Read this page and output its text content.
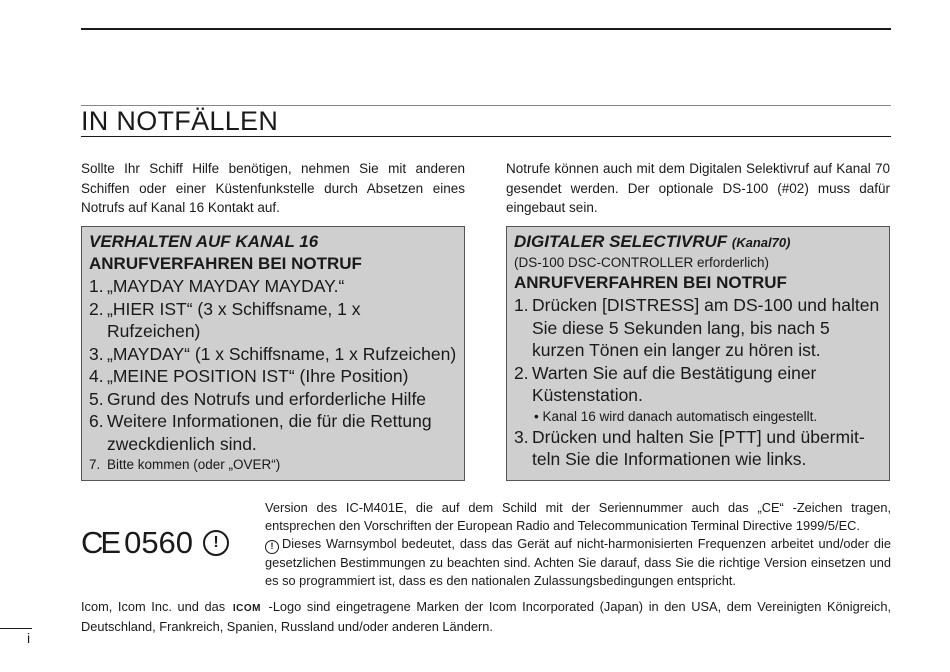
IN NOTFÄLLEN
Sollte Ihr Schiff Hilfe benötigen, nehmen Sie mit anderen Schiffen oder einer Küstenfunkstelle durch Absetzen eines Notrufs auf Kanal 16 Kontakt auf.
Notrufe können auch mit dem Digitalen Selektivruf auf Kanal 70 gesendet werden. Der optionale DS-100 (#02) muss dafür eingebaut sein.
VERHALTEN AUF KANAL 16
ANRUFVERFAHREN BEI NOTRUF
1. „MAYDAY MAYDAY MAYDAY.“
2. „HIER IST“ (3 x Schiffsname, 1 x Rufzeichen)
3. „MAYDAY“ (1 x Schiffsname, 1 x Rufzeichen)
4. „MEINE POSITION IST“ (Ihre Position)
5. Grund des Notrufs und erforderliche Hilfe
6. Weitere Informationen, die für die Rettung zweckdienlich sind.
7. Bitte kommen (oder „OVER“)
DIGITALER SELECTIVRUF (Kanal70)
(DS-100 DSC-CONTROLLER erforderlich)
ANRUFVERFAHREN BEI NOTRUF
1. Drücken [DISTRESS] am DS-100 und halten Sie diese 5 Sekunden lang, bis nach 5 kurzen Tönen ein langer zu hören ist.
2. Warten Sie auf die Bestätigung einer Küstenstation.
• Kanal 16 wird danach automatisch eingestellt.
3. Drücken und halten Sie [PTT] und übermit-teln Sie die Informationen wie links.
CE 0560	!
Version des IC-M401E, die auf dem Schild mit der Seriennummer auch das „CE“ -Zeichen tragen, entsprechen den Vorschriften der European Radio and Telecommunication Terminal Directive 1999/5/EC.
! Dieses Warnsymbol bedeutet, dass das Gerät auf nicht-harmonisierten Frequenzen arbeitet und/oder die gesetzlichen Bestimmungen zu beachten sind. Achten Sie darauf, dass Sie die richtige Version einsetzen und es so programmiert ist, dass es den nationalen Zulassungsbedingungen entspricht.
Icom, Icom Inc. und das ICOM -Logo sind eingetragene Marken der Icom Incorporated (Japan) in den USA, dem Vereinigten Königreich, Deutschland, Frankreich, Spanien, Russland und/oder anderen Ländern.
i
